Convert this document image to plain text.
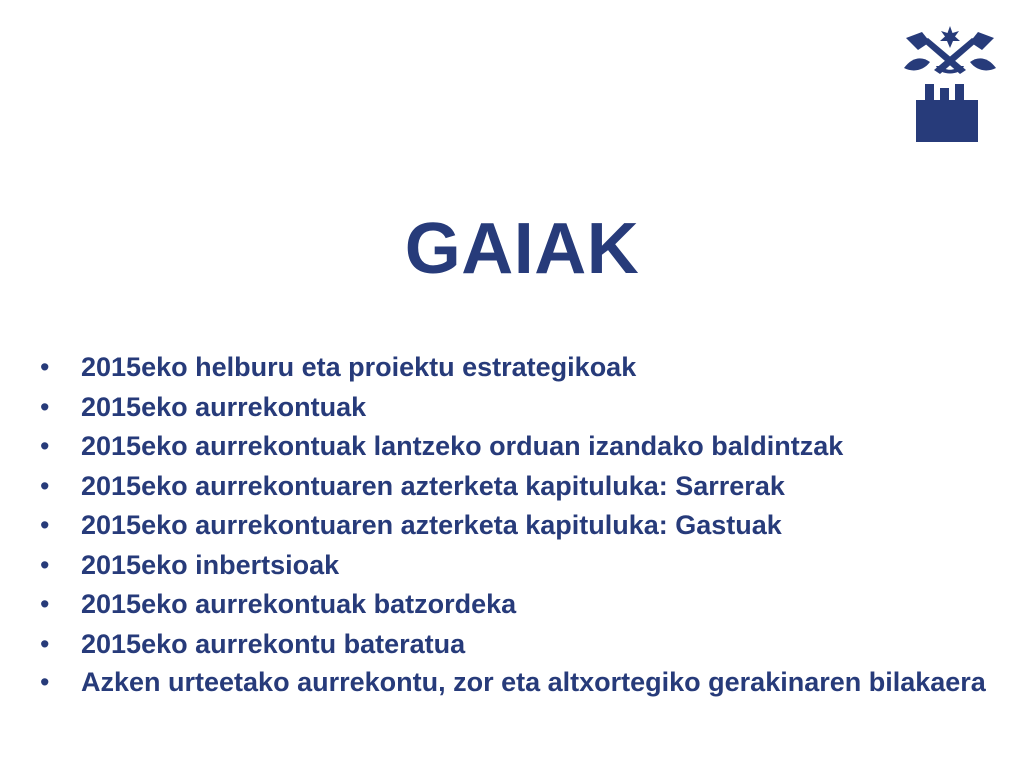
GAIAK
• 2015eko helburu eta proiektu estrategikoak
• 2015eko aurrekontuak
• 2015eko aurrekontuak lantzeko orduan izandako baldintzak
• 2015eko aurrekontuaren azterketa kapituluka: Sarrerak
• 2015eko aurrekontuaren azterketa kapituluka: Gastuak
• 2015eko inbertsioak
• 2015eko aurrekontuak batzordeka
• 2015eko aurrekontu bateratua
• Azken urteetako aurrekontu, zor eta altxortegiko gerakinaren bilakaera
